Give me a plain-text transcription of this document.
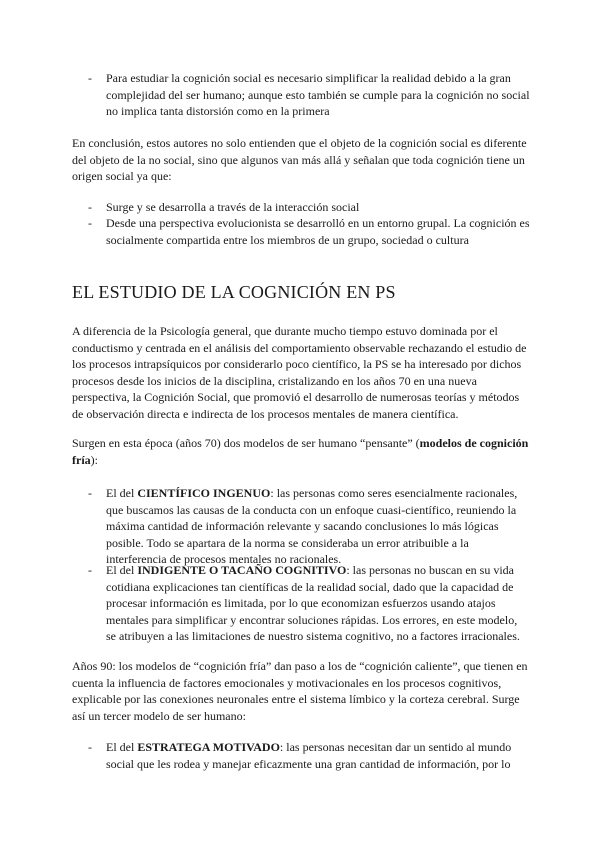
- Para estudiar la cognición social es necesario simplificar la realidad debido a la gran complejidad del ser humano; aunque esto también se cumple para la cognición no social no implica tanta distorsión como en la primera

En conclusión, estos autores no solo entienden que el objeto de la cognición social es diferente del objeto de la no social, sino que algunos van más allá y señalan que toda cognición tiene un origen social ya que:

- Surge y se desarrolla a través de la interacción social
- Desde una perspectiva evolucionista se desarrolló en un entorno grupal. La cognición es socialmente compartida entre los miembros de un grupo, sociedad o cultura
EL ESTUDIO DE LA COGNICIÓN EN PS

A diferencia de la Psicología general, que durante mucho tiempo estuvo dominada por el conductismo y centrada en el análisis del comportamiento observable rechazando el estudio de los procesos intrapsíquicos por considerarlo poco científico, la PS se ha interesado por dichos procesos desde los inicios de la disciplina, cristalizando en los años 70 en una nueva perspectiva, la Cognición Social, que promovió el desarrollo de numerosas teorías y métodos de observación directa e indirecta de los procesos mentales de manera científica.

Surgen en esta época (años 70) dos modelos de ser humano “pensante” (modelos de cognición fría):

- El del CIENTÍFICO INGENUO: las personas como seres esencialmente racionales, que buscamos las causas de la conducta con un enfoque cuasi-científico, reuniendo la máxima cantidad de información relevante y sacando conclusiones lo más lógicas posible. Todo se apartara de la norma se consideraba un error atribuible a la interferencia de procesos mentales no racionales.
- El del INDIGENTE O TACAÑO COGNITIVO: las personas no buscan en su vida cotidiana explicaciones tan científicas de la realidad social, dado que la capacidad de procesar información es limitada, por lo que economizan esfuerzos usando atajos mentales para simplificar y encontrar soluciones rápidas. Los errores, en este modelo, se atribuyen a las limitaciones de nuestro sistema cognitivo, no a factores irracionales.

Años 90: los modelos de “cognición fría” dan paso a los de “cognición caliente”, que tienen en cuenta la influencia de factores emocionales y motivacionales en los procesos cognitivos, explicable por las conexiones neuronales entre el sistema límbico y la corteza cerebral. Surge así un tercer modelo de ser humano:

- El del ESTRATEGA MOTIVADO: las personas necesitan dar un sentido al mundo social que les rodea y manejar eficazmente una gran cantidad de información, por lo
